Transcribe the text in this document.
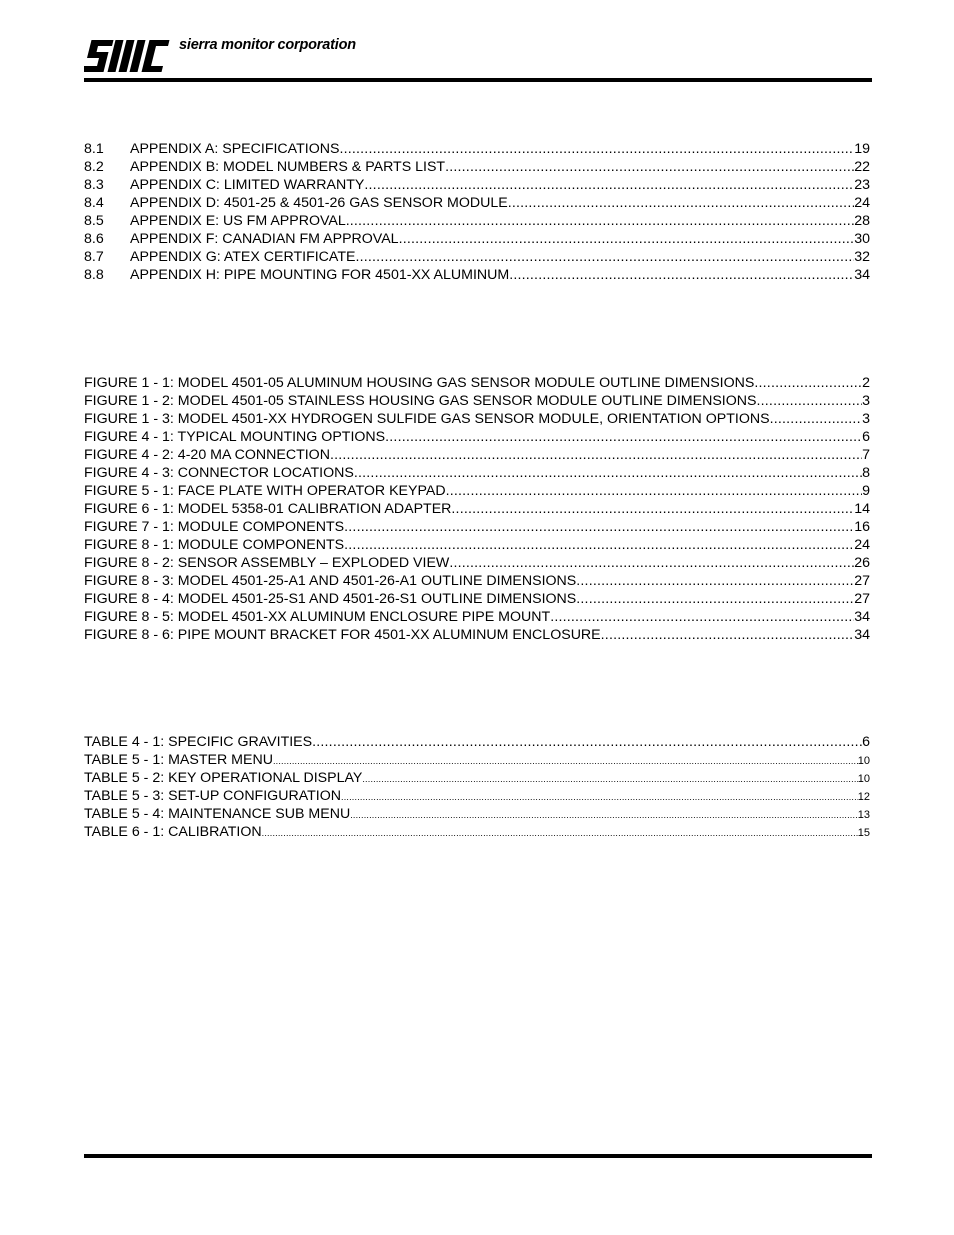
SMC	sierra monitor corporation
8.1	APPENDIX A: SPECIFICATIONS .....	19
8.2	APPENDIX B: MODEL NUMBERS & PARTS LIST .....	22
8.3	APPENDIX C: LIMITED WARRANTY .....	23
8.4	APPENDIX D: 4501-25 & 4501-26 GAS SENSOR MODULE .....	24
8.5	APPENDIX E: US FM APPROVAL. .....	28
8.6	APPENDIX F: CANADIAN FM APPROVAL .....	30
8.7	APPENDIX G: ATEX CERTIFICATE .....	32
8.8	APPENDIX H: PIPE MOUNTING FOR 4501-XX ALUMINUM .....	34
FIGURE 1 - 1: MODEL 4501-05 ALUMINUM HOUSING GAS SENSOR MODULE OUTLINE DIMENSIONS .....	2
FIGURE 1 - 2: MODEL 4501-05 STAINLESS HOUSING GAS SENSOR MODULE OUTLINE DIMENSIONS .....	3
FIGURE 1 - 3: MODEL 4501-XX HYDROGEN SULFIDE GAS SENSOR MODULE, ORIENTATION OPTIONS .....	3
FIGURE 4 - 1: TYPICAL MOUNTING OPTIONS .....	6
FIGURE 4 - 2: 4-20 MA CONNECTION .....	7
FIGURE 4 - 3: CONNECTOR LOCATIONS .....	8
FIGURE 5 - 1: FACE PLATE WITH OPERATOR KEYPAD .....	9
FIGURE 6 - 1: MODEL 5358-01 CALIBRATION ADAPTER .....	14
FIGURE 7 - 1: MODULE COMPONENTS .....	16
FIGURE 8 - 1: MODULE COMPONENTS .....	24
FIGURE 8 - 2: SENSOR ASSEMBLY – EXPLODED VIEW .....	26
FIGURE 8 - 3: MODEL 4501-25-A1 AND 4501-26-A1 OUTLINE DIMENSIONS .....	27
FIGURE 8 - 4: MODEL 4501-25-S1 AND 4501-26-S1 OUTLINE DIMENSIONS .....	27
FIGURE 8 - 5: MODEL 4501-XX ALUMINUM ENCLOSURE PIPE MOUNT .....	34
FIGURE 8 - 6: PIPE MOUNT BRACKET FOR 4501-XX ALUMINUM ENCLOSURE .....	34
TABLE 4 - 1: SPECIFIC GRAVITIES .....	6
TABLE 5 - 1: MASTER MENU .....	10
TABLE 5 - 2: KEY OPERATIONAL DISPLAY .....	10
TABLE 5 - 3: SET-UP CONFIGURATION .....	12
TABLE 5 - 4: MAINTENANCE SUB MENU .....	13
TABLE 6 - 1: CALIBRATION .....	15
